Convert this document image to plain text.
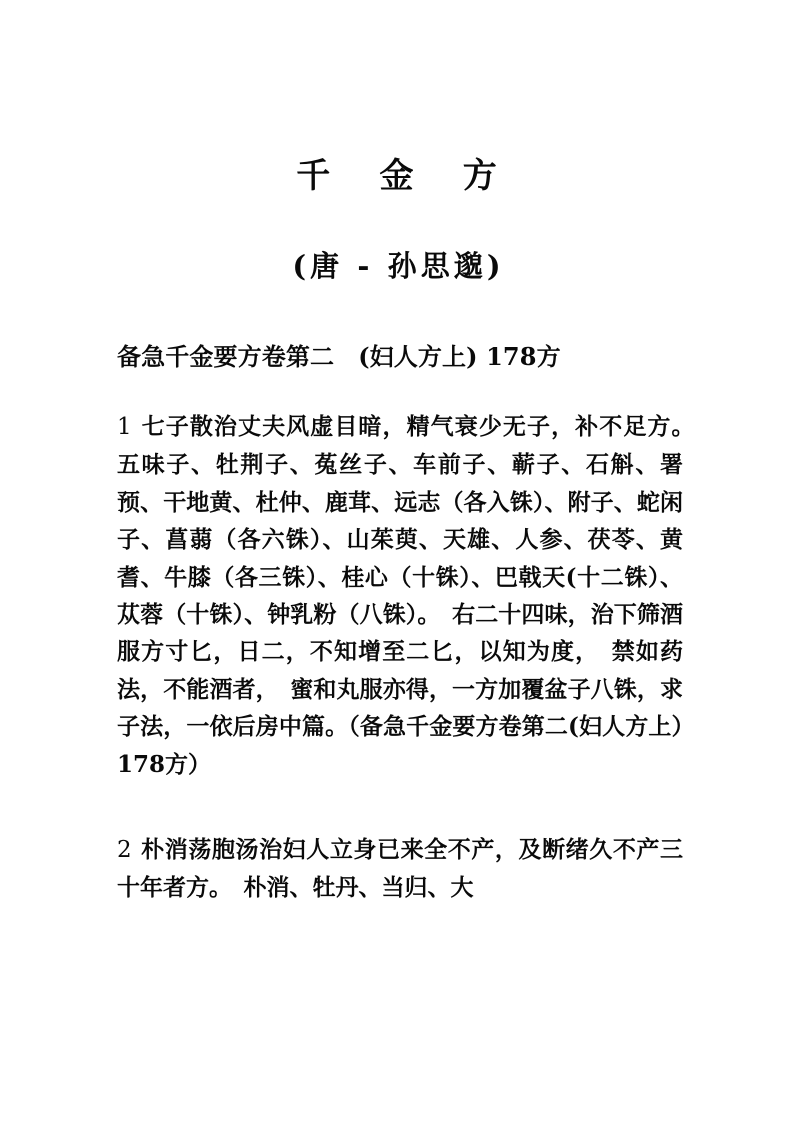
千 金 方
(唐 - 孙思邈)
备急千金要方卷第二　(妇人方上) 178方

1 七子散治丈夫风虚目暗，精气衰少无子，补不足方。　五味子、牡荆子、菟丝子、车前子、蕲子、石斛、署预、干地黄、杜仲、鹿茸、远志（各入铢）、附子、蛇闲子、菖蒻（各六铢）、山茱萸、天雄、人参、茯苓、黄耆、牛膝（各三铢）、桂心（十铢）、巴戟天(十二铢）、苁蓉（十铢）、钟乳粉（八铢）。　右二十四味，治下筛酒服方寸匕，日二，不知增至二匕，以知为度，　禁如药法，不能酒者，　蜜和丸服亦得，一方加覆盆子八铢，求子法，一依后房中篇。（备急千金要方卷第二(妇人方上）178方）

2 朴消荡胞汤治妇人立身已来全不产，及断绪久不产三十年者方。　朴消、牡丹、当归、大
